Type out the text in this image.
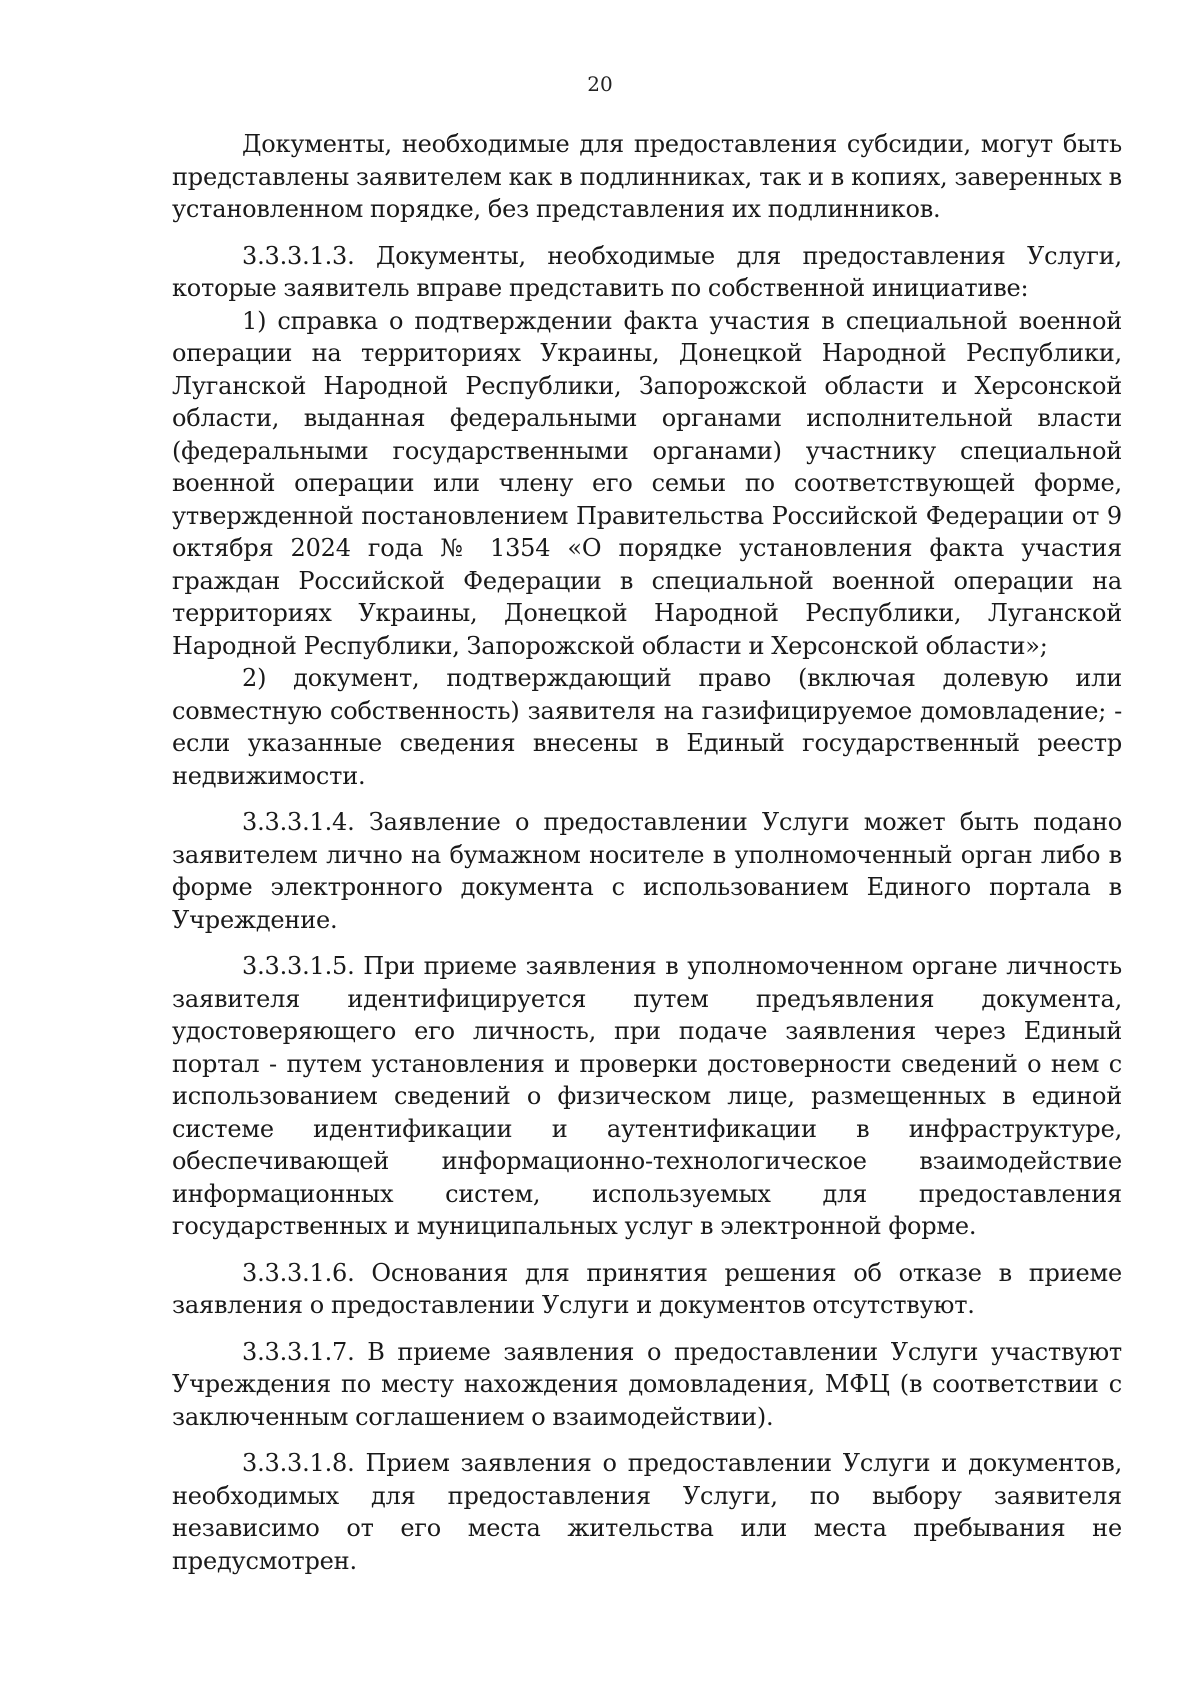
20

Документы, необходимые для предоставления субсидии, могут быть представлены заявителем как в подлинниках, так и в копиях, заверенных в установленном порядке, без представления их подлинников.

3.3.3.1.3. Документы, необходимые для предоставления Услуги, которые заявитель вправе представить по собственной инициативе:

1) справка о подтверждении факта участия в специальной военной операции на территориях Украины, Донецкой Народной Республики, Луганской Народной Республики, Запорожской области и Херсонской области, выданная федеральными органами исполнительной власти (федеральными государственными органами) участнику специальной военной операции или члену его семьи по соответствующей форме, утвержденной постановлением Правительства Российской Федерации от 9 октября 2024 года № 1354 «О порядке установления факта участия граждан Российской Федерации в специальной военной операции на территориях Украины, Донецкой Народной Республики, Луганской Народной Республики, Запорожской области и Херсонской области»;

2) документ, подтверждающий право (включая долевую или совместную собственность) заявителя на газифицируемое домовладение; - если указанные сведения внесены в Единый государственный реестр недвижимости.

3.3.3.1.4. Заявление о предоставлении Услуги может быть подано заявителем лично на бумажном носителе в уполномоченный орган либо в форме электронного документа с использованием Единого портала в Учреждение.

3.3.3.1.5. При приеме заявления в уполномоченном органе личность заявителя идентифицируется путем предъявления документа, удостоверяющего его личность, при подаче заявления через Единый портал - путем установления и проверки достоверности сведений о нем с использованием сведений о физическом лице, размещенных в единой системе идентификации и аутентификации в инфраструктуре, обеспечивающей информационно-технологическое взаимодействие информационных систем, используемых для предоставления государственных и муниципальных услуг в электронной форме.

3.3.3.1.6. Основания для принятия решения об отказе в приеме заявления о предоставлении Услуги и документов отсутствуют.

3.3.3.1.7. В приеме заявления о предоставлении Услуги участвуют Учреждения по месту нахождения домовладения, МФЦ (в соответствии с заключенным соглашением о взаимодействии).

3.3.3.1.8. Прием заявления о предоставлении Услуги и документов, необходимых для предоставления Услуги, по выбору заявителя независимо от его места жительства или места пребывания не предусмотрен.
